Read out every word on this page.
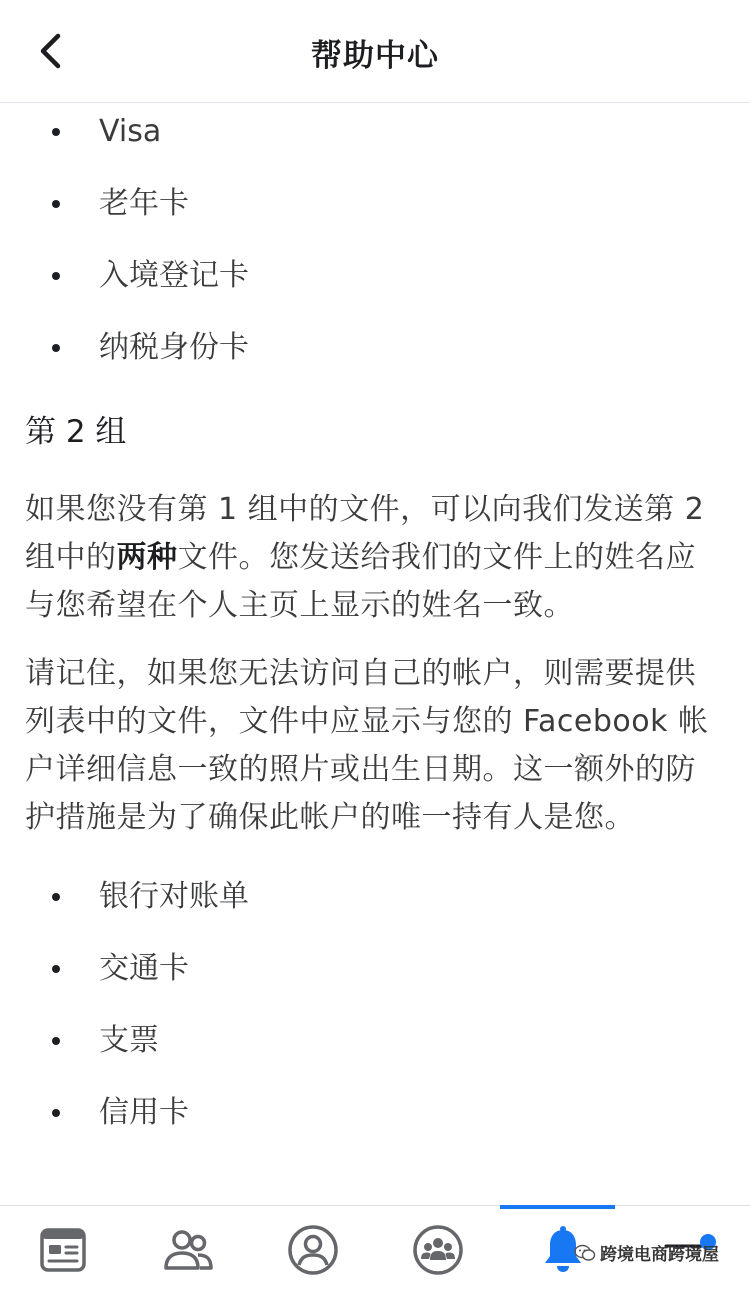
帮助中心
Visa
老年卡
入境登记卡
纳税身份卡
第 2 组

如果您没有第 1 组中的文件，可以向我们发送第 2 组中的两种文件。您发送给我们的文件上的姓名应与您希望在个人主页上显示的姓名一致。

请记住，如果您无法访问自己的帐户，则需要提供列表中的文件，文件中应显示与您的 Facebook 帐户详细信息一致的照片或出生日期。这一额外的防护措施是为了确保此帐户的唯一持有人是您。

银行对账单
交通卡
支票
信用卡
跨境电商跨境屋
